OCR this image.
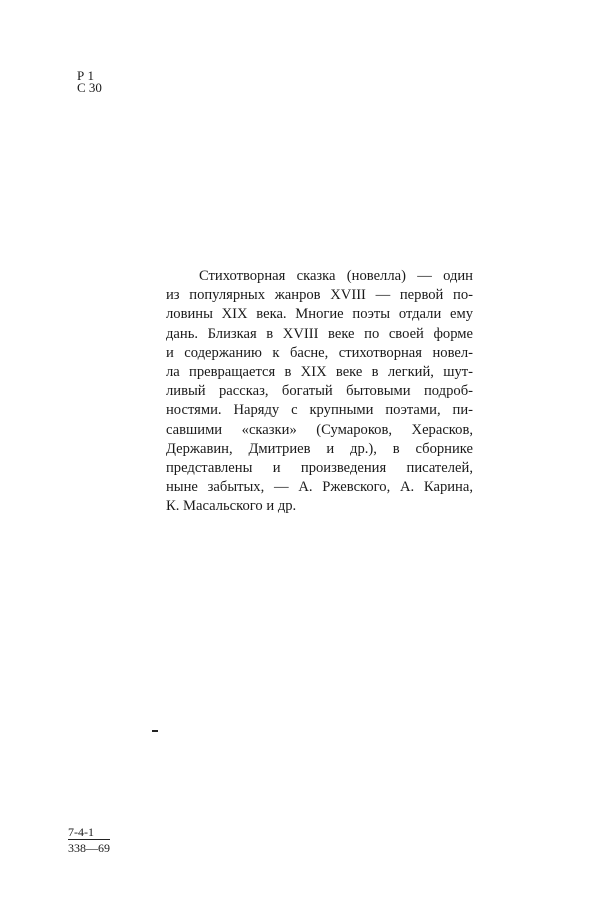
Р 1
С 30
Стихотворная сказка (новелла) — один
из популярных жанров XVIII — первой по-
ловины XIX века. Многие поэты отдали ему
дань. Близкая в XVIII веке по своей форме
и содержанию к басне, стихотворная новел-
ла превращается в XIX веке в легкий, шут-
ливый рассказ, богатый бытовыми подроб-
ностями. Наряду с крупными поэтами, пи-
савшими «сказки» (Сумароков, Херасков,
Державин, Дмитриев и др.), в сборнике
представлены и произведения писателей,
ныне забытых, — А. Ржевского, А. Карина,
К. Масальского и др.
7-4-1
338—69
